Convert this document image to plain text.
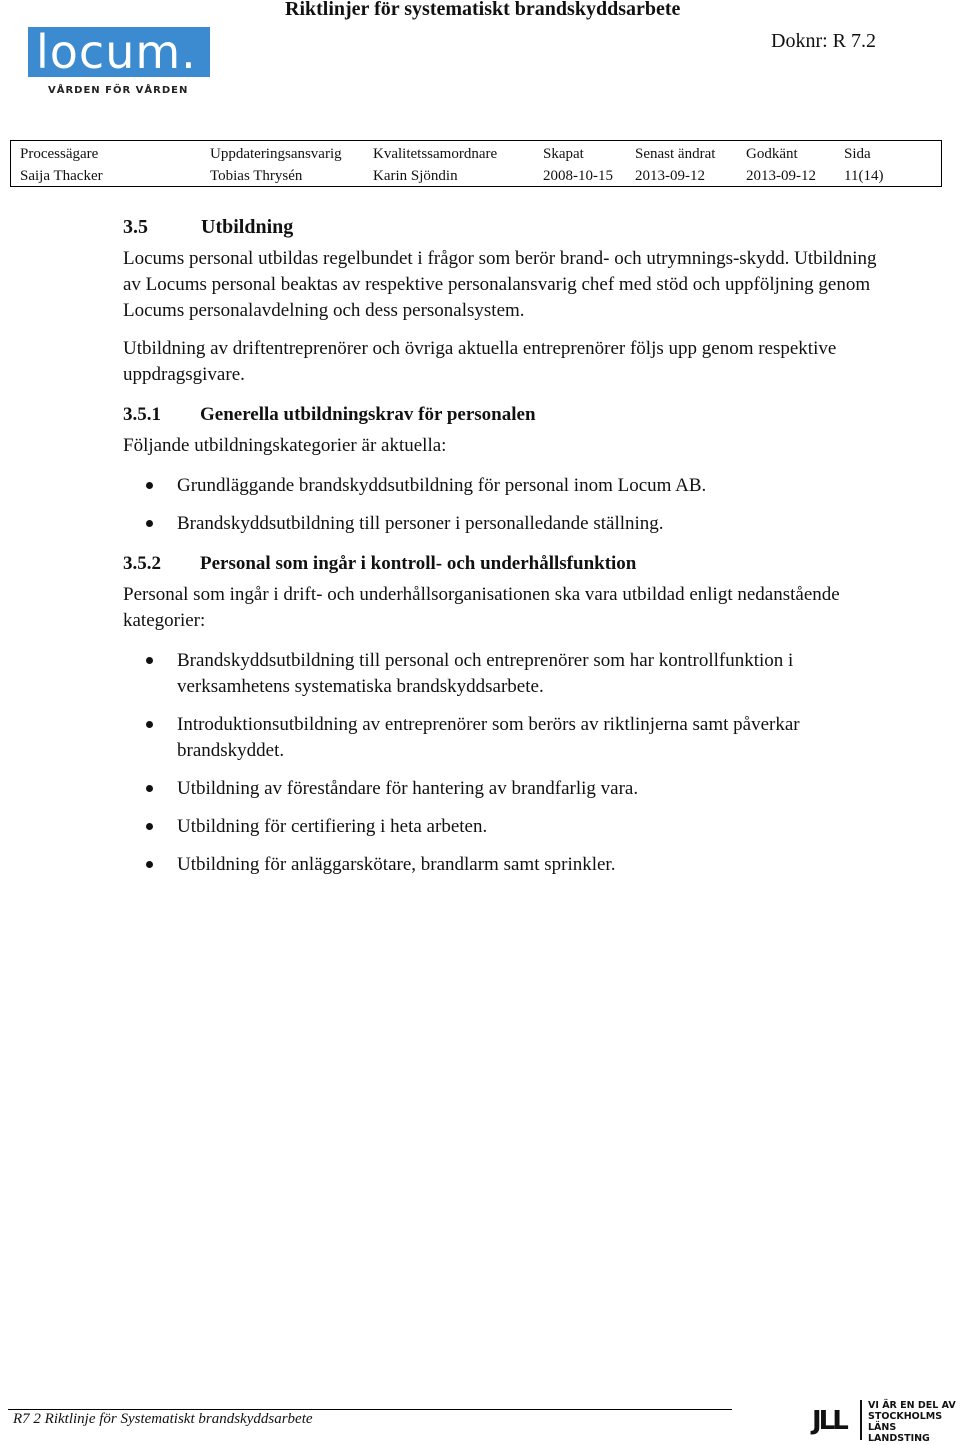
Riktlinjer för systematiskt brandskyddsarbete
Doknr: R 7.2
locum.
VÅRDEN FÖR VÅRDEN
Processägare
Saija Thacker
Uppdateringsansvarig
Tobias Thrysén
Kvalitetssamordnare
Karin Sjöndin
Skapat
2008-10-15
Senast ändrat
2013-09-12
Godkänt
2013-09-12
Sida
11(14)
3.5	Utbildning

Locums personal utbildas regelbundet i frågor som berör brand- och utrymnings-skydd. Utbildning av Locums personal beaktas av respektive personalansvarig chef med stöd och uppföljning genom Locums personalavdelning och dess personalsystem.

Utbildning av driftentreprenörer och övriga aktuella entreprenörer följs upp genom respektive uppdragsgivare.

3.5.1 Generella utbildningskrav för personalen

Följande utbildningskategorier är aktuella:

Grundläggande brandskyddsutbildning för personal inom Locum AB.
Brandskyddsutbildning till personer i personalledande ställning.
3.5.2 Personal som ingår i kontroll- och underhållsfunktion

Personal som ingår i drift- och underhållsorganisationen ska vara utbildad enligt nedanstående kategorier:

Brandskyddsutbildning till personal och entreprenörer som har kontrollfunktion i verksamhetens systematiska brandskyddsarbete.
Introduktionsutbildning av entreprenörer som berörs av riktlinjerna samt påverkar brandskyddet.
Utbildning av föreståndare för hantering av brandfarlig vara.
Utbildning för certifiering i heta arbeten.
Utbildning för anläggarskötare, brandlarm samt sprinkler.
R7 2 Riktlinje för Systematiskt brandskyddsarbete	JLL
VI ÄR EN DEL AV
STOCKHOLMS
LÄNS LANDSTING
